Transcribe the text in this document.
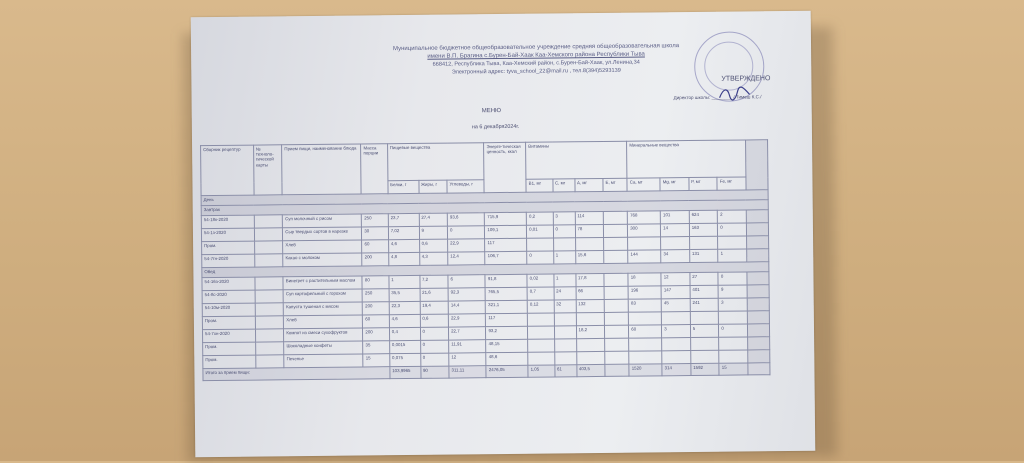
Муниципальное бюджетное общеобразовательное учреждение средняя общеобразовательная школа
имени В.П. Брагина с.Бурен-Бай-Хаак Каа-Хемского района Республики Тыва
668412, Республика Тыва, Каа-Хемский район, с.Бурен-Бай-Хаак, ул.Ленина,34
Электронный адрес: tyva_school_22@mail.ru , тел.8(394)5293139
УТВЕРЖДЕНО
Директор школы: ________ / Тимеш К.С./
МЕНЮ
на 6 декабря2024г.
Сборник рецептур	№ техноло-гической карты	Прием пищи, наименование блюда	Масса порции	Пищевые вещества			Энерге-тическая ценность, ккал	Витамины				Минеральные вещества				
				Белки, г	Жиры, г	Углеводы, г		В1, мг	С, мг	А, мг	Е, мг	Са, мг	Mg, мг	Р, мг	Fe, мг	
День																
Завтрак																
54-18к-2020		Суп молочный с рисом	250	23,7	27,4	93,6	715,9	0,2	3	114		768	101	624	2	
54-1з-2020		Сыр твердых сортов в нарезке	30	7,02	9	0	109,1	0,01	0	78		300	14	163	0	
Пром.		Хлеб	60	4,6	0,6	22,9	117									
54-7гн-2020		Какао с молоком	200	4,8	4,3	12,4	106,7	0	1	15,6		144	34	131	1	
Обед																
54-16з-2020		Винегрет с растительным маслом	80	1	7,2	6	91,8	0,02	1	17,8		18	12	27	0	
54-8с-2020		Суп картофельный с горохом	250	35,5	21,6	92,3	765,5	0,7	24	66		196	147	401	9	
54-10м-2020		Капуста тушеная с мясом	200	22,3	19,4	14,4	321,1	0,12	32	132		83	45	241	3	
Пром.		Хлеб	60	4,6	0,6	22,9	117									
54-7хн-2020		Компот из смеси сухофруктов	200	0,4	0	22,7	93,2			18,2		60	3	5	0	
Пром.		Шоколадные конфеты	35	0,0015	0	11,91	48,15									
Пром.		Печенье	15	0,075	0	12	48,6									
Итого за прием пищи:				103,9965	90	311,11	2476,05	1,05	61	403,5		1520	314	1592	15	
